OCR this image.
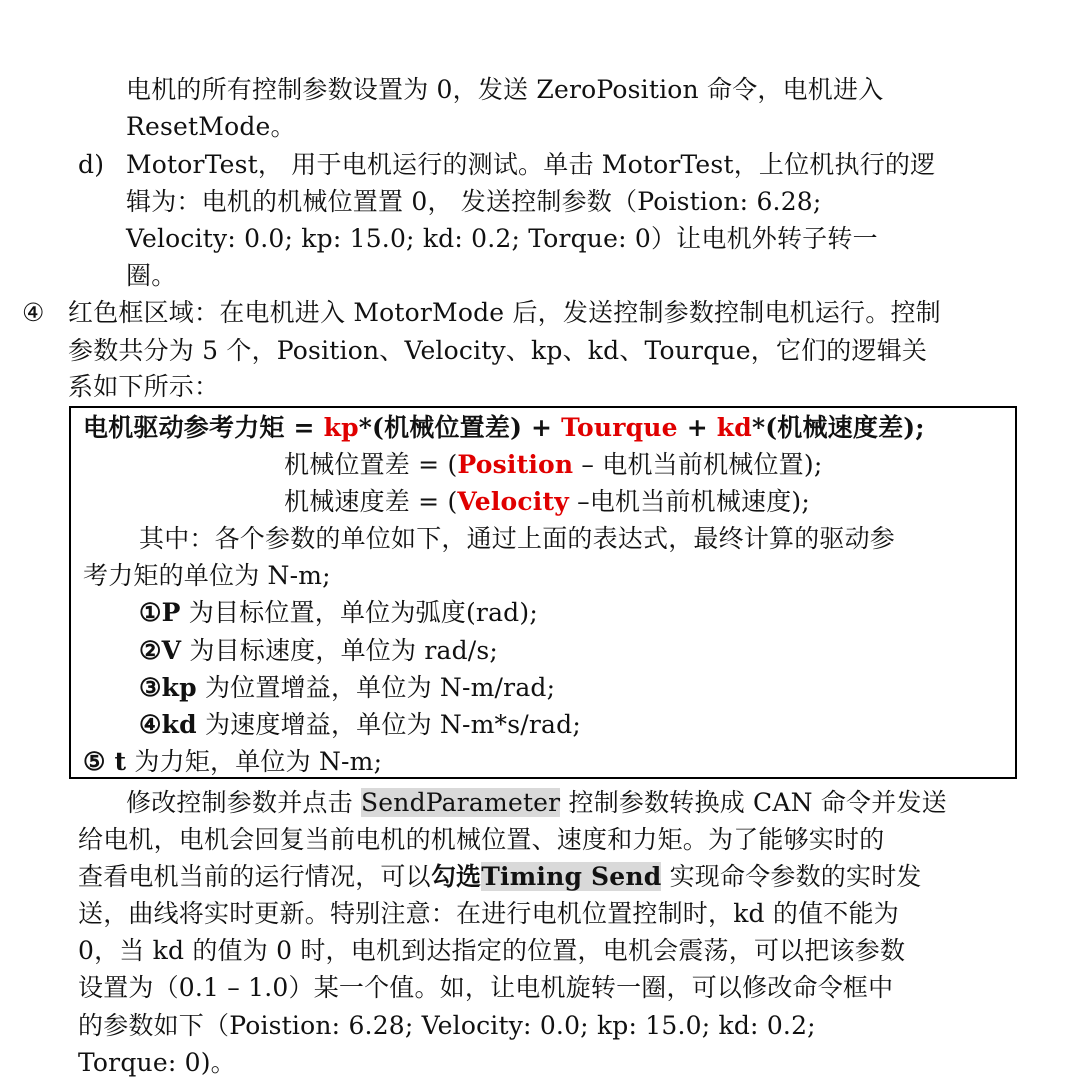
电机的所有控制参数设置为 0，发送 ZeroPosition 命令，电机进入
ResetMode。
d) MotorTest， 用于电机运行的测试。单击 MotorTest，上位机执行的逻
辑为：电机的机械位置置 0， 发送控制参数（Poistion: 6.28;
Velocity: 0.0; kp: 15.0; kd: 0.2; Torque: 0）让电机外转子转一
圈。
④ 红色框区域：在电机进入 MotorMode 后，发送控制参数控制电机运行。控制
参数共分为 5 个，Position、Velocity、kp、kd、Tourque，它们的逻辑关
系如下所示：
电机驱动参考力矩 = kp*(机械位置差) + Tourque + kd*(机械速度差);
机械位置差 = (Position – 电机当前机械位置);
机械速度差 = (Velocity –电机当前机械速度);
其中：各个参数的单位如下，通过上面的表达式，最终计算的驱动参
考力矩的单位为 N-m;
①P 为目标位置，单位为弧度(rad);
②V 为目标速度，单位为 rad/s;
③kp 为位置增益，单位为 N-m/rad;
④kd 为速度增益，单位为 N-m*s/rad;
⑤ t 为力矩，单位为 N-m;
修改控制参数并点击 SendParameter 控制参数转换成 CAN 命令并发送
给电机，电机会回复当前电机的机械位置、速度和力矩。为了能够实时的
查看电机当前的运行情况，可以勾选Timing Send 实现命令参数的实时发
送，曲线将实时更新。特别注意：在进行电机位置控制时，kd 的值不能为
0，当 kd 的值为 0 时，电机到达指定的位置，电机会震荡，可以把该参数
设置为（0.1 – 1.0）某一个值。如，让电机旋转一圈，可以修改命令框中
的参数如下（Poistion: 6.28; Velocity: 0.0; kp: 15.0; kd: 0.2;
Torque: 0)。
